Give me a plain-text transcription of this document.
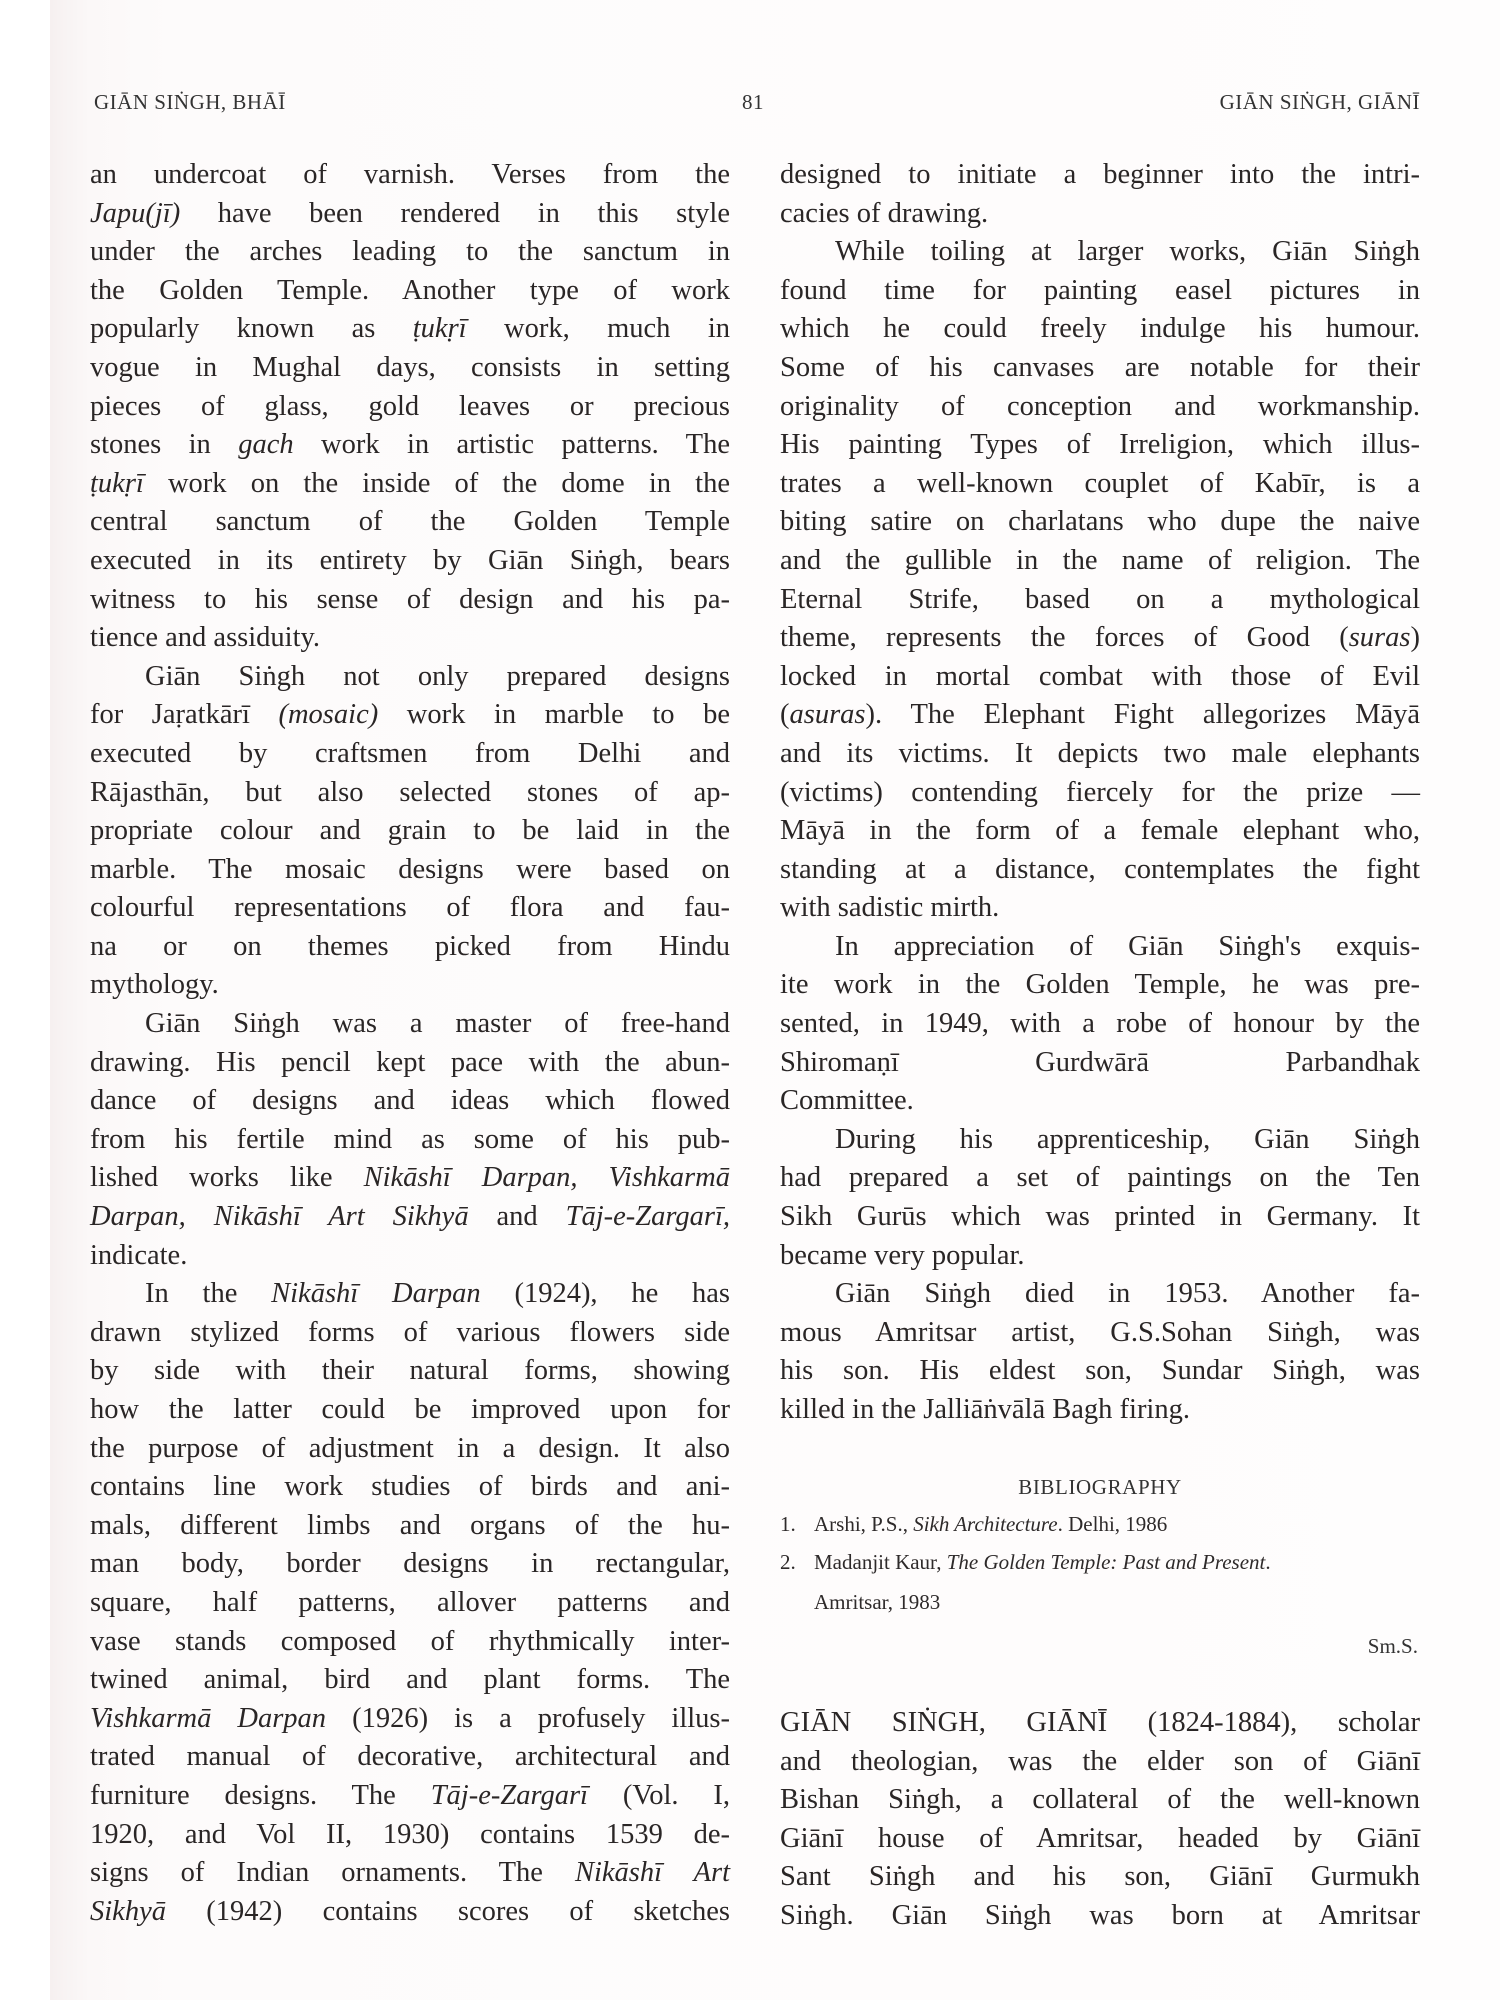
GIĀN SIṄGH, BHĀĪ	81	GIĀN SIṄGH, GIĀNĪ
an undercoat of varnish. Verses from the
Japu(jī) have been rendered in this style
under the arches leading to the sanctum in
the Golden Temple. Another type of work
popularly known as ṭukṛī work, much in
vogue in Mughal days, consists in setting
pieces of glass, gold leaves or precious
stones in gach work in artistic patterns. The
ṭukṛī work on the inside of the dome in the
central sanctum of the Golden Temple
executed in its entirety by Giān Siṅgh, bears
witness to his sense of design and his pa-
tience and assiduity.
Giān Siṅgh not only prepared designs
for Jaṛatkārī (mosaic) work in marble to be
executed by craftsmen from Delhi and
Rājasthān, but also selected stones of ap-
propriate colour and grain to be laid in the
marble. The mosaic designs were based on
colourful representations of flora and fau-
na or on themes picked from Hindu
mythology.
Giān Siṅgh was a master of free-hand
drawing. His pencil kept pace with the abun-
dance of designs and ideas which flowed
from his fertile mind as some of his pub-
lished works like Nikāshī Darpan, Vishkarmā
Darpan, Nikāshī Art Sikhyā and Tāj-e-Zargarī,
indicate.
In the Nikāshī Darpan (1924), he has
drawn stylized forms of various flowers side
by side with their natural forms, showing
how the latter could be improved upon for
the purpose of adjustment in a design. It also
contains line work studies of birds and ani-
mals, different limbs and organs of the hu-
man body, border designs in rectangular,
square, half patterns, allover patterns and
vase stands composed of rhythmically inter-
twined animal, bird and plant forms. The
Vishkarmā Darpan (1926) is a profusely illus-
trated manual of decorative, architectural and
furniture designs. The Tāj-e-Zargarī (Vol. I,
1920, and Vol II, 1930) contains 1539 de-
signs of Indian ornaments. The Nikāshī Art
Sikhyā (1942) contains scores of sketches
designed to initiate a beginner into the intri-
cacies of drawing.
While toiling at larger works, Giān Siṅgh
found time for painting easel pictures in
which he could freely indulge his humour.
Some of his canvases are notable for their
originality of conception and workmanship.
His painting Types of Irreligion, which illus-
trates a well-known couplet of Kabīr, is a
biting satire on charlatans who dupe the naive
and the gullible in the name of religion. The
Eternal Strife, based on a mythological
theme, represents the forces of Good (suras)
locked in mortal combat with those of Evil
(asuras). The Elephant Fight allegorizes Māyā
and its victims. It depicts two male elephants
(victims) contending fiercely for the prize —
Māyā in the form of a female elephant who,
standing at a distance, contemplates the fight
with sadistic mirth.
In appreciation of Giān Siṅgh's exquis-
ite work in the Golden Temple, he was pre-
sented, in 1949, with a robe of honour by the
Shiromaṇī Gurdwārā Parbandhak
Committee.
During his apprenticeship, Giān Siṅgh
had prepared a set of paintings on the Ten
Sikh Gurūs which was printed in Germany. It
became very popular.
Giān Siṅgh died in 1953. Another fa-
mous Amritsar artist, G.S.Sohan Siṅgh, was
his son. His eldest son, Sundar Siṅgh, was
killed in the Jalliāṅvālā Bagh firing.
BIBLIOGRAPHY
1. Arshi, P.S., Sikh Architecture. Delhi, 1986
2. Madanjit Kaur, The Golden Temple: Past and Present.
Amritsar, 1983
Sm.S.
GIĀN SIṄGH, GIĀNĪ (1824-1884), scholar
and theologian, was the elder son of Giānī
Bishan Siṅgh, a collateral of the well-known
Giānī house of Amritsar, headed by Giānī
Sant Siṅgh and his son, Giānī Gurmukh
Siṅgh. Giān Siṅgh was born at Amritsar
